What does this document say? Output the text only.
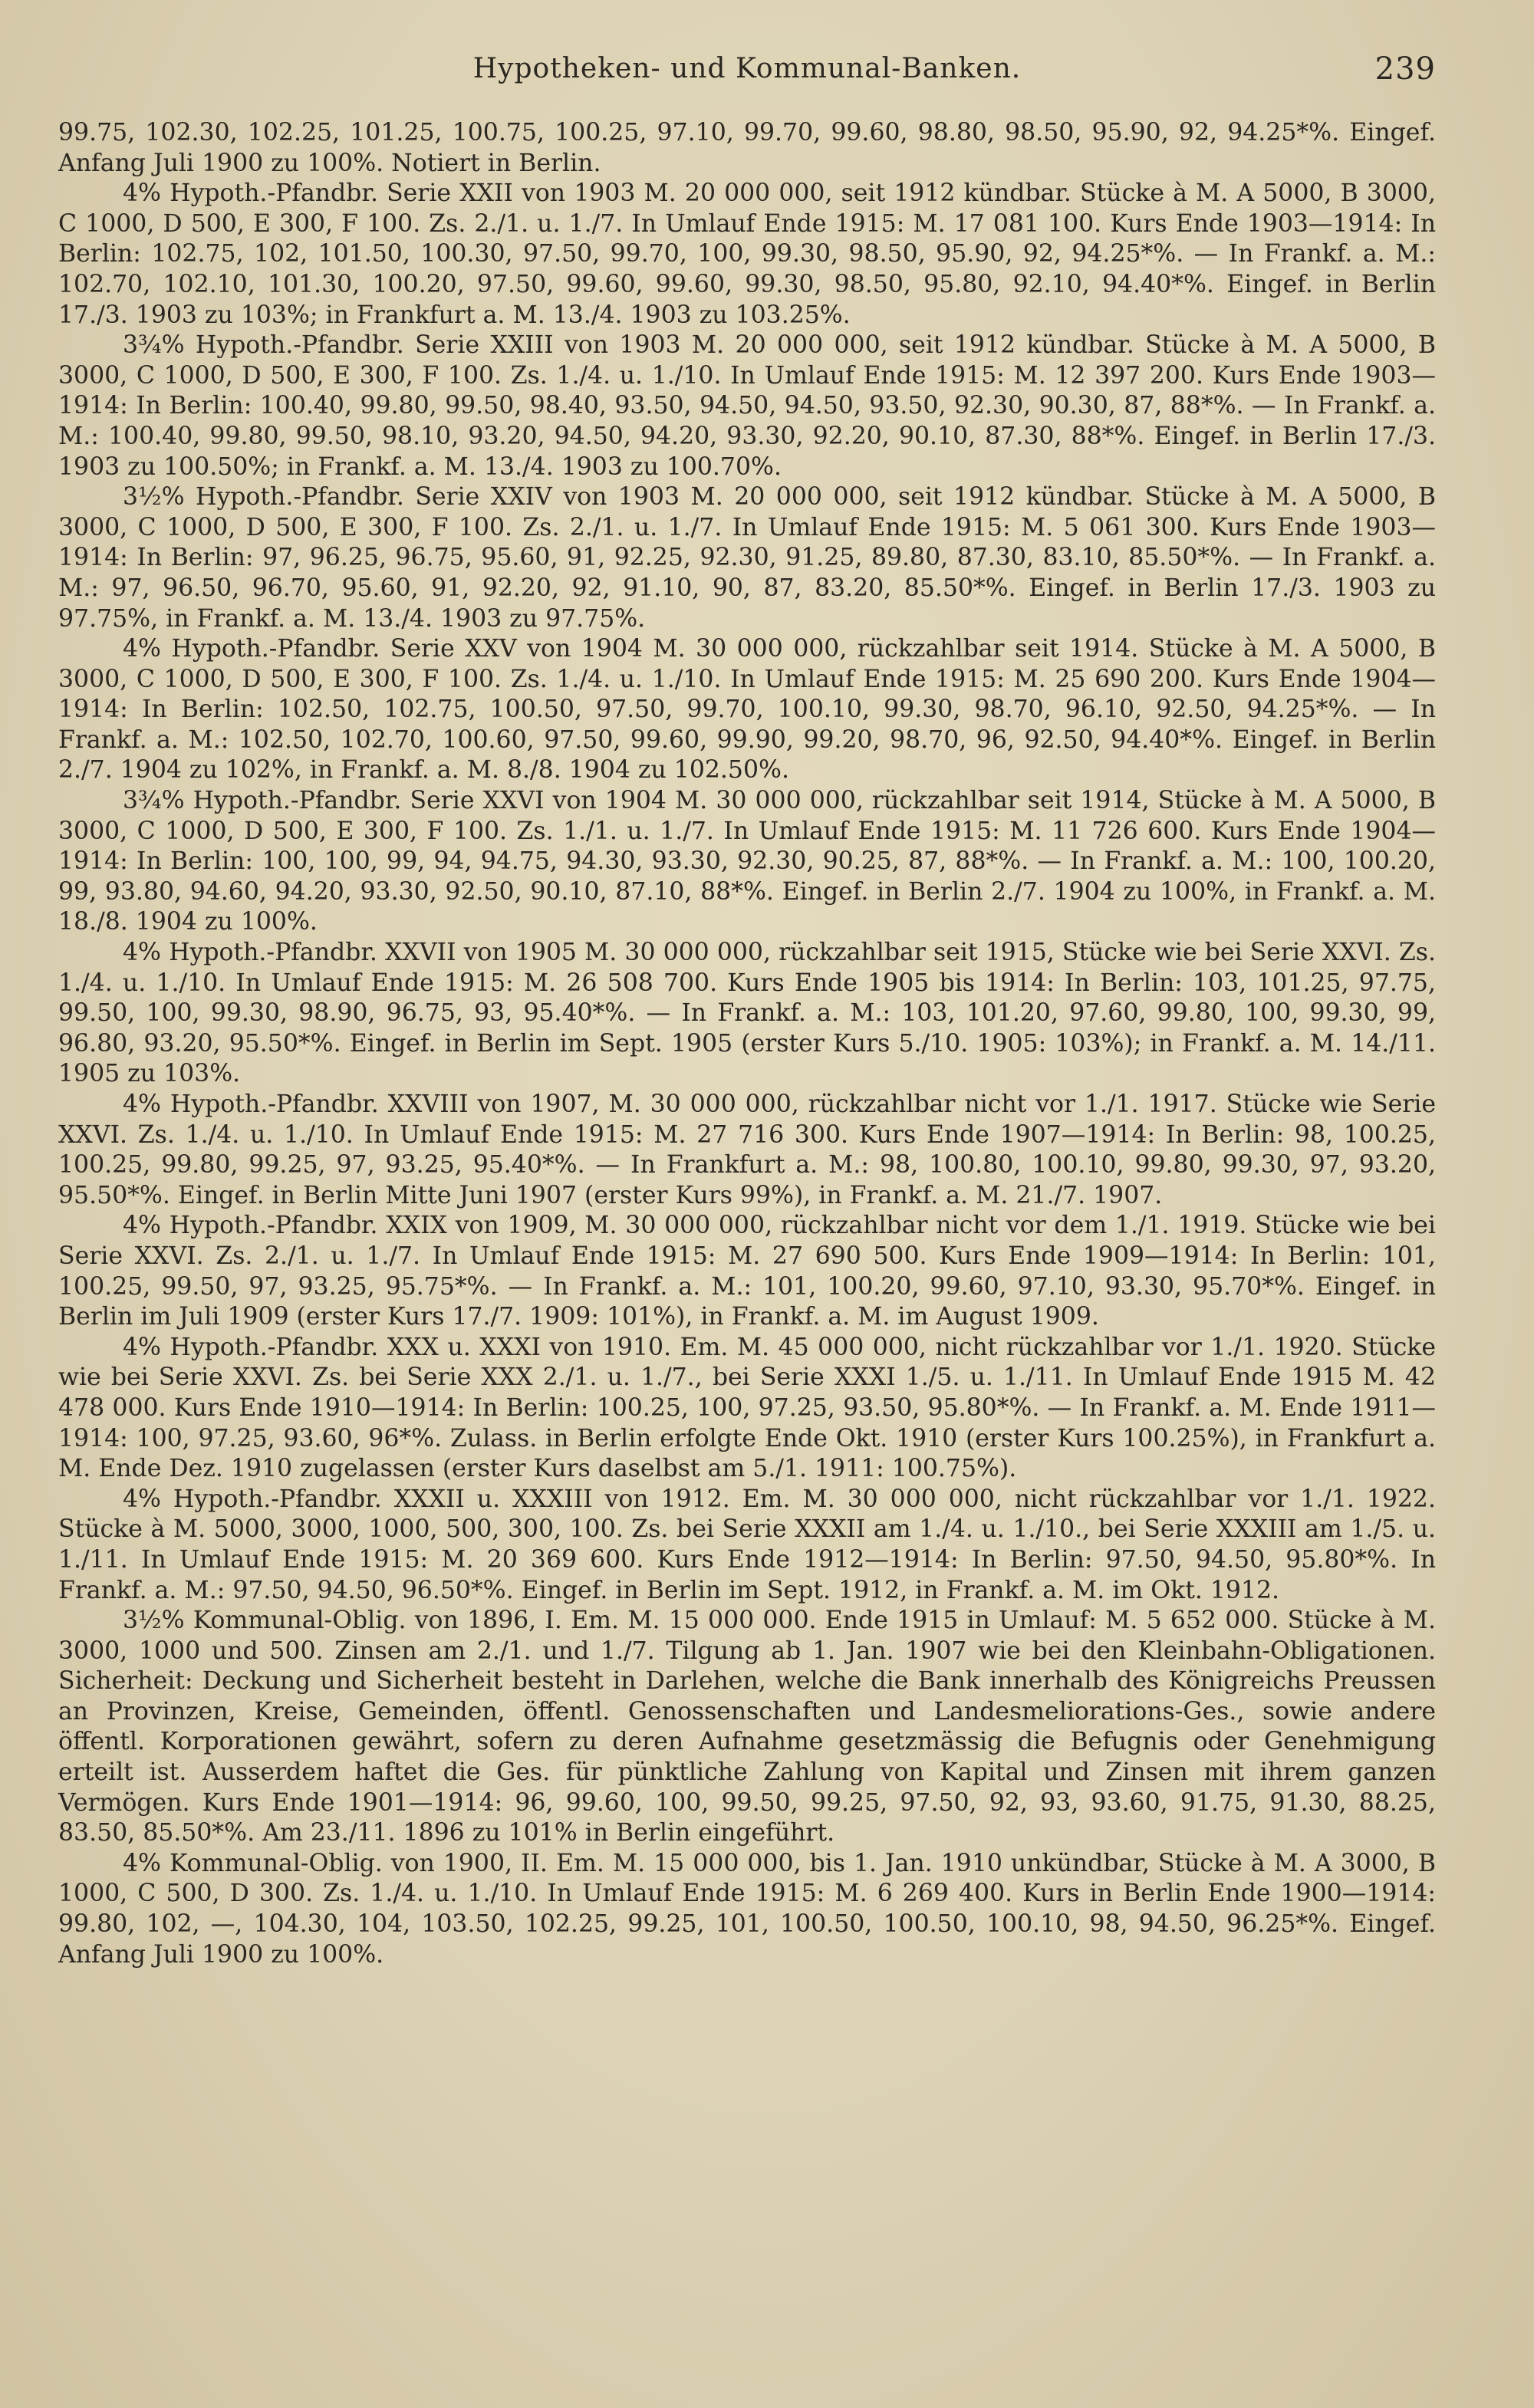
Hypotheken- und Kommunal-Banken.	239

99.75, 102.30, 102.25, 101.25, 100.75, 100.25, 97.10, 99.70, 99.60, 98.80, 98.50, 95.90, 92, 94.25*%. Eingef. Anfang Juli 1900 zu 100%. Notiert in Berlin.

4% Hypoth.-Pfandbr. Serie XXII von 1903 M. 20 000 000, seit 1912 kündbar. Stücke à M. A 5000, B 3000, C 1000, D 500, E 300, F 100. Zs. 2./1. u. 1./7. In Umlauf Ende 1915: M. 17 081 100. Kurs Ende 1903—1914: In Berlin: 102.75, 102, 101.50, 100.30, 97.50, 99.70, 100, 99.30, 98.50, 95.90, 92, 94.25*%. — In Frankf. a. M.: 102.70, 102.10, 101.30, 100.20, 97.50, 99.60, 99.60, 99.30, 98.50, 95.80, 92.10, 94.40*%. Eingef. in Berlin 17./3. 1903 zu 103%; in Frankfurt a. M. 13./4. 1903 zu 103.25%.

3¾% Hypoth.-Pfandbr. Serie XXIII von 1903 M. 20 000 000, seit 1912 kündbar. Stücke à M. A 5000, B 3000, C 1000, D 500, E 300, F 100. Zs. 1./4. u. 1./10. In Umlauf Ende 1915: M. 12 397 200. Kurs Ende 1903—1914: In Berlin: 100.40, 99.80, 99.50, 98.40, 93.50, 94.50, 94.50, 93.50, 92.30, 90.30, 87, 88*%. — In Frankf. a. M.: 100.40, 99.80, 99.50, 98.10, 93.20, 94.50, 94.20, 93.30, 92.20, 90.10, 87.30, 88*%. Eingef. in Berlin 17./3. 1903 zu 100.50%; in Frankf. a. M. 13./4. 1903 zu 100.70%.

3½% Hypoth.-Pfandbr. Serie XXIV von 1903 M. 20 000 000, seit 1912 kündbar. Stücke à M. A 5000, B 3000, C 1000, D 500, E 300, F 100. Zs. 2./1. u. 1./7. In Umlauf Ende 1915: M. 5 061 300. Kurs Ende 1903—1914: In Berlin: 97, 96.25, 96.75, 95.60, 91, 92.25, 92.30, 91.25, 89.80, 87.30, 83.10, 85.50*%. — In Frankf. a. M.: 97, 96.50, 96.70, 95.60, 91, 92.20, 92, 91.10, 90, 87, 83.20, 85.50*%. Eingef. in Berlin 17./3. 1903 zu 97.75%, in Frankf. a. M. 13./4. 1903 zu 97.75%.

4% Hypoth.-Pfandbr. Serie XXV von 1904 M. 30 000 000, rückzahlbar seit 1914. Stücke à M. A 5000, B 3000, C 1000, D 500, E 300, F 100. Zs. 1./4. u. 1./10. In Umlauf Ende 1915: M. 25 690 200. Kurs Ende 1904—1914: In Berlin: 102.50, 102.75, 100.50, 97.50, 99.70, 100.10, 99.30, 98.70, 96.10, 92.50, 94.25*%. — In Frankf. a. M.: 102.50, 102.70, 100.60, 97.50, 99.60, 99.90, 99.20, 98.70, 96, 92.50, 94.40*%. Eingef. in Berlin 2./7. 1904 zu 102%, in Frankf. a. M. 8./8. 1904 zu 102.50%.

3¾% Hypoth.-Pfandbr. Serie XXVI von 1904 M. 30 000 000, rückzahlbar seit 1914, Stücke à M. A 5000, B 3000, C 1000, D 500, E 300, F 100. Zs. 1./1. u. 1./7. In Umlauf Ende 1915: M. 11 726 600. Kurs Ende 1904—1914: In Berlin: 100, 100, 99, 94, 94.75, 94.30, 93.30, 92.30, 90.25, 87, 88*%. — In Frankf. a. M.: 100, 100.20, 99, 93.80, 94.60, 94.20, 93.30, 92.50, 90.10, 87.10, 88*%. Eingef. in Berlin 2./7. 1904 zu 100%, in Frankf. a. M. 18./8. 1904 zu 100%.

4% Hypoth.-Pfandbr. XXVII von 1905 M. 30 000 000, rückzahlbar seit 1915, Stücke wie bei Serie XXVI. Zs. 1./4. u. 1./10. In Umlauf Ende 1915: M. 26 508 700. Kurs Ende 1905 bis 1914: In Berlin: 103, 101.25, 97.75, 99.50, 100, 99.30, 98.90, 96.75, 93, 95.40*%. — In Frankf. a. M.: 103, 101.20, 97.60, 99.80, 100, 99.30, 99, 96.80, 93.20, 95.50*%. Eingef. in Berlin im Sept. 1905 (erster Kurs 5./10. 1905: 103%); in Frankf. a. M. 14./11. 1905 zu 103%.

4% Hypoth.-Pfandbr. XXVIII von 1907, M. 30 000 000, rückzahlbar nicht vor 1./1. 1917. Stücke wie Serie XXVI. Zs. 1./4. u. 1./10. In Umlauf Ende 1915: M. 27 716 300. Kurs Ende 1907—1914: In Berlin: 98, 100.25, 100.25, 99.80, 99.25, 97, 93.25, 95.40*%. — In Frankfurt a. M.: 98, 100.80, 100.10, 99.80, 99.30, 97, 93.20, 95.50*%. Eingef. in Berlin Mitte Juni 1907 (erster Kurs 99%), in Frankf. a. M. 21./7. 1907.

4% Hypoth.-Pfandbr. XXIX von 1909, M. 30 000 000, rückzahlbar nicht vor dem 1./1. 1919. Stücke wie bei Serie XXVI. Zs. 2./1. u. 1./7. In Umlauf Ende 1915: M. 27 690 500. Kurs Ende 1909—1914: In Berlin: 101, 100.25, 99.50, 97, 93.25, 95.75*%. — In Frankf. a. M.: 101, 100.20, 99.60, 97.10, 93.30, 95.70*%. Eingef. in Berlin im Juli 1909 (erster Kurs 17./7. 1909: 101%), in Frankf. a. M. im August 1909.

4% Hypoth.-Pfandbr. XXX u. XXXI von 1910. Em. M. 45 000 000, nicht rückzahlbar vor 1./1. 1920. Stücke wie bei Serie XXVI. Zs. bei Serie XXX 2./1. u. 1./7., bei Serie XXXI 1./5. u. 1./11. In Umlauf Ende 1915 M. 42 478 000. Kurs Ende 1910—1914: In Berlin: 100.25, 100, 97.25, 93.50, 95.80*%. — In Frankf. a. M. Ende 1911—1914: 100, 97.25, 93.60, 96*%. Zulass. in Berlin erfolgte Ende Okt. 1910 (erster Kurs 100.25%), in Frankfurt a. M. Ende Dez. 1910 zugelassen (erster Kurs daselbst am 5./1. 1911: 100.75%).

4% Hypoth.-Pfandbr. XXXII u. XXXIII von 1912. Em. M. 30 000 000, nicht rückzahlbar vor 1./1. 1922. Stücke à M. 5000, 3000, 1000, 500, 300, 100. Zs. bei Serie XXXII am 1./4. u. 1./10., bei Serie XXXIII am 1./5. u. 1./11. In Umlauf Ende 1915: M. 20 369 600. Kurs Ende 1912—1914: In Berlin: 97.50, 94.50, 95.80*%. In Frankf. a. M.: 97.50, 94.50, 96.50*%. Eingef. in Berlin im Sept. 1912, in Frankf. a. M. im Okt. 1912.

3½% Kommunal-Oblig. von 1896, I. Em. M. 15 000 000. Ende 1915 in Umlauf: M. 5 652 000. Stücke à M. 3000, 1000 und 500. Zinsen am 2./1. und 1./7. Tilgung ab 1. Jan. 1907 wie bei den Kleinbahn-Obligationen. Sicherheit: Deckung und Sicherheit besteht in Darlehen, welche die Bank innerhalb des Königreichs Preussen an Provinzen, Kreise, Gemeinden, öffentl. Genossenschaften und Landesmeliorations-Ges., sowie andere öffentl. Korporationen gewährt, sofern zu deren Aufnahme gesetzmässig die Befugnis oder Genehmigung erteilt ist. Ausserdem haftet die Ges. für pünktliche Zahlung von Kapital und Zinsen mit ihrem ganzen Vermögen. Kurs Ende 1901—1914: 96, 99.60, 100, 99.50, 99.25, 97.50, 92, 93, 93.60, 91.75, 91.30, 88.25, 83.50, 85.50*%. Am 23./11. 1896 zu 101% in Berlin eingeführt.

4% Kommunal-Oblig. von 1900, II. Em. M. 15 000 000, bis 1. Jan. 1910 unkündbar, Stücke à M. A 3000, B 1000, C 500, D 300. Zs. 1./4. u. 1./10. In Umlauf Ende 1915: M. 6 269 400. Kurs in Berlin Ende 1900—1914: 99.80, 102, —, 104.30, 104, 103.50, 102.25, 99.25, 101, 100.50, 100.50, 100.10, 98, 94.50, 96.25*%. Eingef. Anfang Juli 1900 zu 100%.
